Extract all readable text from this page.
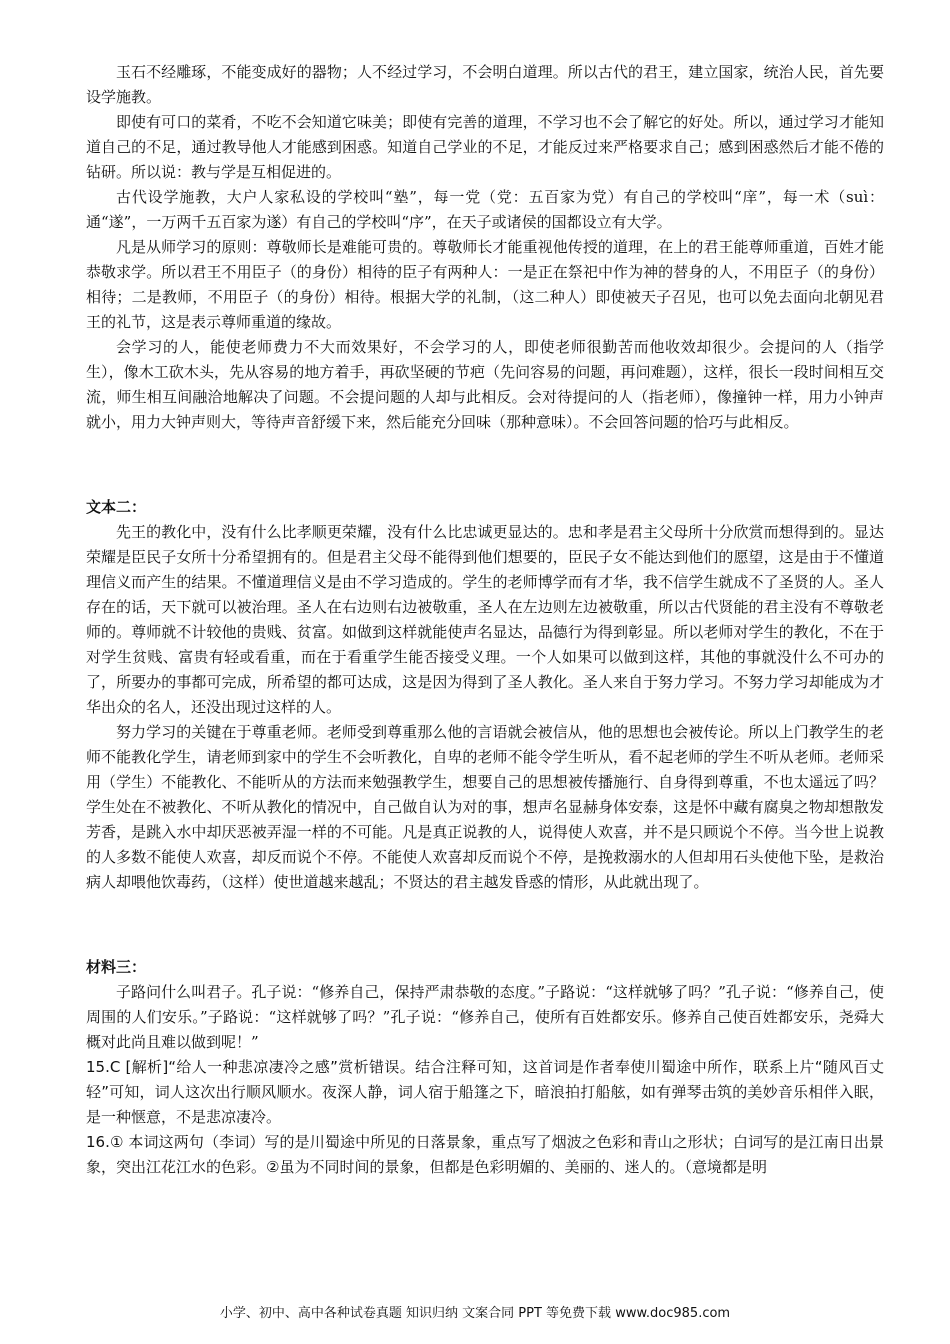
玉石不经雕琢，不能变成好的器物；人不经过学习，不会明白道理。所以古代的君王，建立国家，统治人民，首先要设学施教。
即使有可口的菜肴，不吃不会知道它味美；即使有完善的道理，不学习也不会了解它的好处。所以，通过学习才能知道自己的不足，通过教导他人才能感到困惑。知道自己学业的不足，才能反过来严格要求自己；感到困惑然后才能不倦的钻研。所以说：教与学是互相促进的。
古代设学施教，大户人家私设的学校叫“塾”，每一党（党：五百家为党）有自己的学校叫“庠”，每一术（suì：通“遂”，一万两千五百家为遂）有自己的学校叫“序”，在天子或诸侯的国都设立有大学。
凡是从师学习的原则：尊敬师长是难能可贵的。尊敬师长才能重视他传授的道理，在上的君王能尊师重道，百姓才能恭敬求学。所以君王不用臣子（的身份）相待的臣子有两种人：一是正在祭祀中作为神的替身的人，不用臣子（的身份）相待；二是教师，不用臣子（的身份）相待。根据大学的礼制，（这二种人）即使被天子召见，也可以免去面向北朝见君王的礼节，这是表示尊师重道的缘故。
会学习的人，能使老师费力不大而效果好，不会学习的人，即使老师很勤苦而他收效却很少。会提问的人（指学生），像木工砍木头，先从容易的地方着手，再砍坚硬的节疤（先问容易的问题，再问难题），这样，很长一段时间相互交流，师生相互间融洽地解决了问题。不会提问题的人却与此相反。会对待提问的人（指老师），像撞钟一样，用力小钟声就小，用力大钟声则大，等待声音舒缓下来，然后能充分回味（那种意味）。不会回答问题的恰巧与此相反。
文本二：
先王的教化中，没有什么比孝顺更荣耀，没有什么比忠诚更显达的。忠和孝是君主父母所十分欣赏而想得到的。显达荣耀是臣民子女所十分希望拥有的。但是君主父母不能得到他们想要的，臣民子女不能达到他们的愿望，这是由于不懂道理信义而产生的结果。不懂道理信义是由不学习造成的。学生的老师博学而有才华，我不信学生就成不了圣贤的人。圣人存在的话，天下就可以被治理。圣人在右边则右边被敬重，圣人在左边则左边被敬重，所以古代贤能的君主没有不尊敬老师的。尊师就不计较他的贵贱、贫富。如做到这样就能使声名显达，品德行为得到彰显。所以老师对学生的教化，不在于对学生贫贱、富贵有轻或看重，而在于看重学生能否接受义理。一个人如果可以做到这样，其他的事就没什么不可办的了，所要办的事都可完成，所希望的都可达成，这是因为得到了圣人教化。圣人来自于努力学习。不努力学习却能成为才华出众的名人，还没出现过这样的人。
努力学习的关键在于尊重老师。老师受到尊重那么他的言语就会被信从，他的思想也会被传论。所以上门教学生的老师不能教化学生，请老师到家中的学生不会听教化，自卑的老师不能令学生听从，看不起老师的学生不听从老师。老师采用（学生）不能教化、不能听从的方法而来勉强教学生，想要自己的思想被传播施行、自身得到尊重，不也太遥远了吗？学生处在不被教化、不听从教化的情况中，自己做自认为对的事，想声名显赫身体安泰，这是怀中藏有腐臭之物却想散发芳香，是跳入水中却厌恶被弄湿一样的不可能。凡是真正说教的人，说得使人欢喜，并不是只顾说个不停。当今世上说教的人多数不能使人欢喜，却反而说个不停。不能使人欢喜却反而说个不停，是挽救溺水的人但却用石头使他下坠，是救治病人却喂他饮毒药，（这样）使世道越来越乱；不贤达的君主越发昏惑的情形，从此就出现了。
材料三：
子路问什么叫君子。孔子说：“修养自己，保持严肃恭敬的态度。”子路说：“这样就够了吗？”孔子说：“修养自己，使周围的人们安乐。”子路说：“这样就够了吗？”孔子说：“修养自己，使所有百姓都安乐。修养自己使百姓都安乐，尧舜大概对此尚且难以做到呢！”
15.C [解析]“给人一种悲凉凄冷之感”赏析错误。结合注释可知，这首词是作者奉使川蜀途中所作，联系上片“随风百丈轻”可知，词人这次出行顺风顺水。夜深人静，词人宿于船篷之下，暗浪拍打船舷，如有弹琴击筑的美妙音乐相伴入眠，是一种惬意，不是悲凉凄冷。
16.① 本词这两句（李词）写的是川蜀途中所见的日落景象，重点写了烟波之色彩和青山之形状；白词写的是江南日出景象，突出江花江水的色彩。②虽为不同时间的景象，但都是色彩明媚的、美丽的、迷人的。（意境都是明
小学、初中、高中各种试卷真题 知识归纳 文案合同 PPT 等免费下载 www.doc985.com
